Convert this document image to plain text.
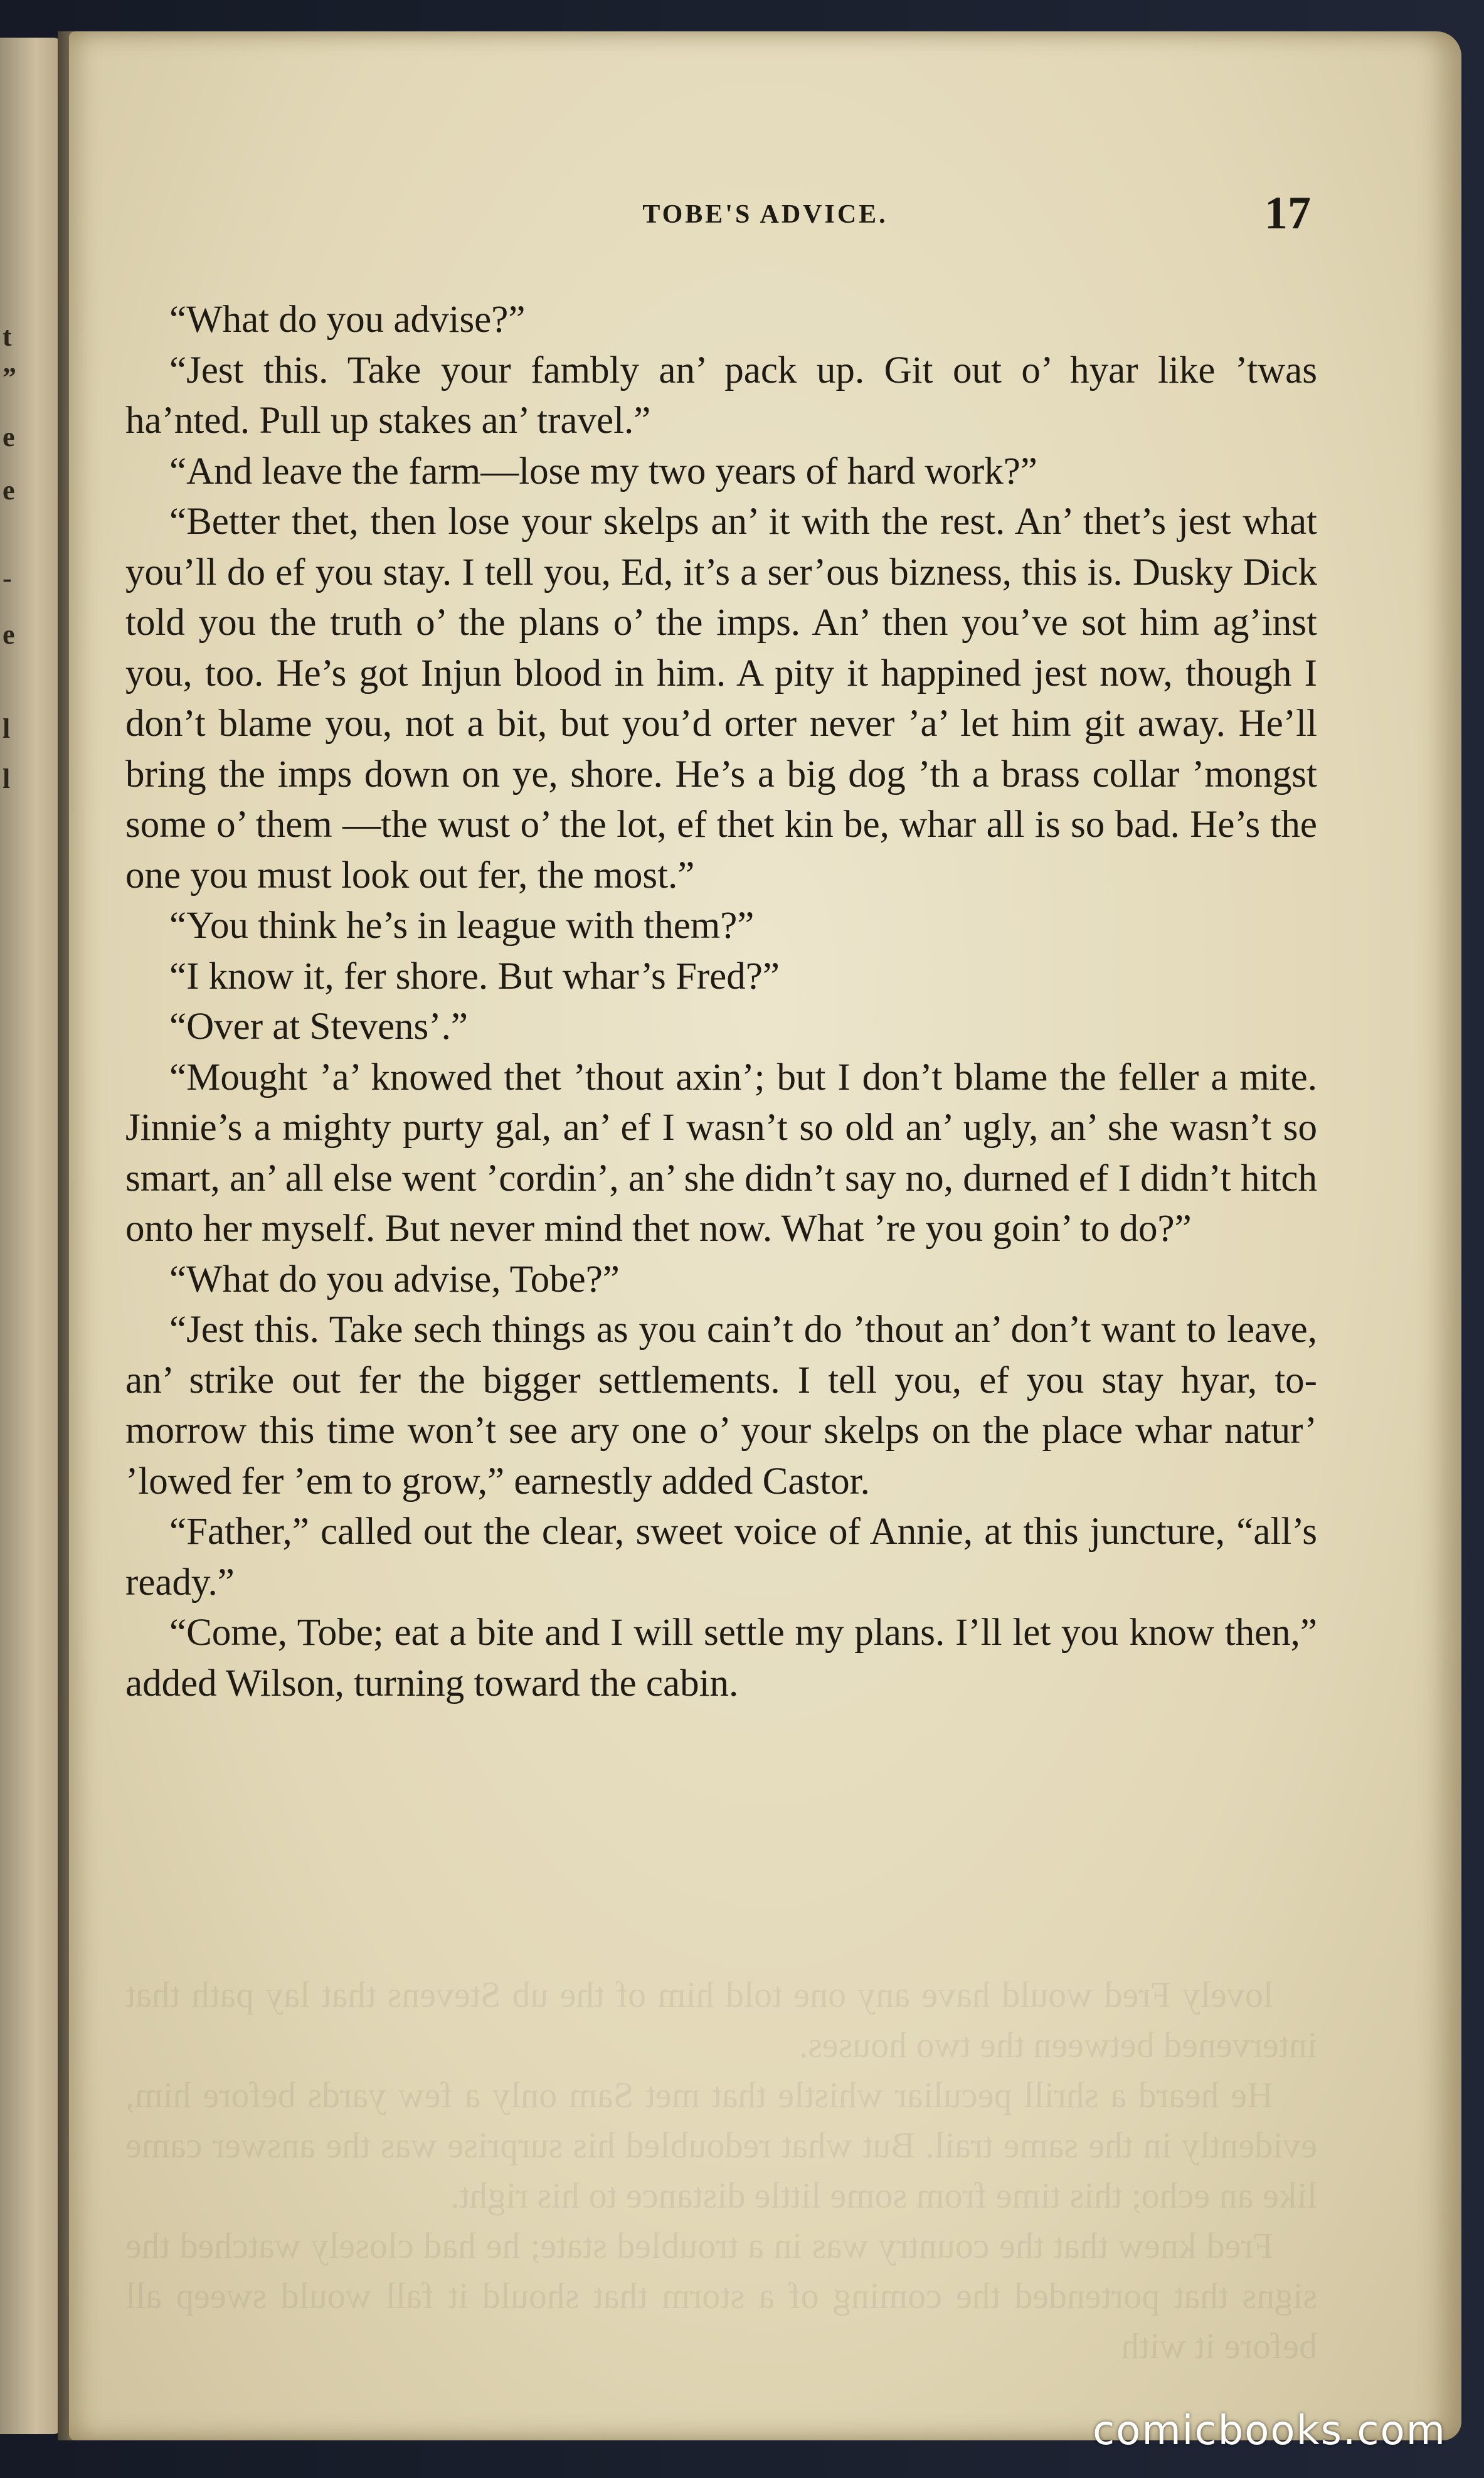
t
”
e
e
-
e
l
l
TOBE'S ADVICE.	17

“What do you advise?”

“Jest this. Take your fambly an’ pack up. Git out o’ hyar like ’twas ha’nted. Pull up stakes an’ travel.”

“And leave the farm—lose my two years of hard work?”

“Better thet, then lose your skelps an’ it with the rest. An’ thet’s jest what you’ll do ef you stay. I tell you, Ed, it’s a ser’ous bizness, this is. Dusky Dick told you the truth o’ the plans o’ the imps. An’ then you’ve sot him ag’inst you, too. He’s got Injun blood in him. A pity it happined jest now, though I don’t blame you, not a bit, but you’d orter never ’a’ let him git away. He’ll bring the imps down on ye, shore. He’s a big dog ’th a brass collar ’mongst some o’ them —the wust o’ the lot, ef thet kin be, whar all is so bad. He’s the one you must look out fer, the most.”

“You think he’s in league with them?”

“I know it, fer shore. But whar’s Fred?”

“Over at Stevens’.”

“Mought ’a’ knowed thet ’thout axin’; but I don’t blame the feller a mite. Jinnie’s a mighty purty gal, an’ ef I wasn’t so old an’ ugly, an’ she wasn’t so smart, an’ all else went ’cordin’, an’ she didn’t say no, durned ef I didn’t hitch onto her myself. But never mind thet now. What ’re you goin’ to do?”

“What do you advise, Tobe?”

“Jest this. Take sech things as you cain’t do ’thout an’ don’t want to leave, an’ strike out fer the bigger settlements. I tell you, ef you stay hyar, to-morrow this time won’t see ary one o’ your skelps on the place whar natur’ ’lowed fer ’em to grow,” earnestly added Castor.

“Father,” called out the clear, sweet voice of Annie, at this juncture, “all’s ready.”

“Come, Tobe; eat a bite and I will settle my plans. I’ll let you know then,” added Wilson, turning toward the cabin.

lovely Fred would have any one told him of the ub Stevens that lay path that intervened between the two houses.

He heard a shrill peculiar whistle that met Sam only a few yards before him, evidently in the same trail. But what redoubled his surprise was the answer came like an echo; this time from some little distance to his right.

Fred knew that the country was in a troubled state; he had closely watched the signs that portended the coming of a storm that should it fall would sweep all before it with

comicbooks.com
